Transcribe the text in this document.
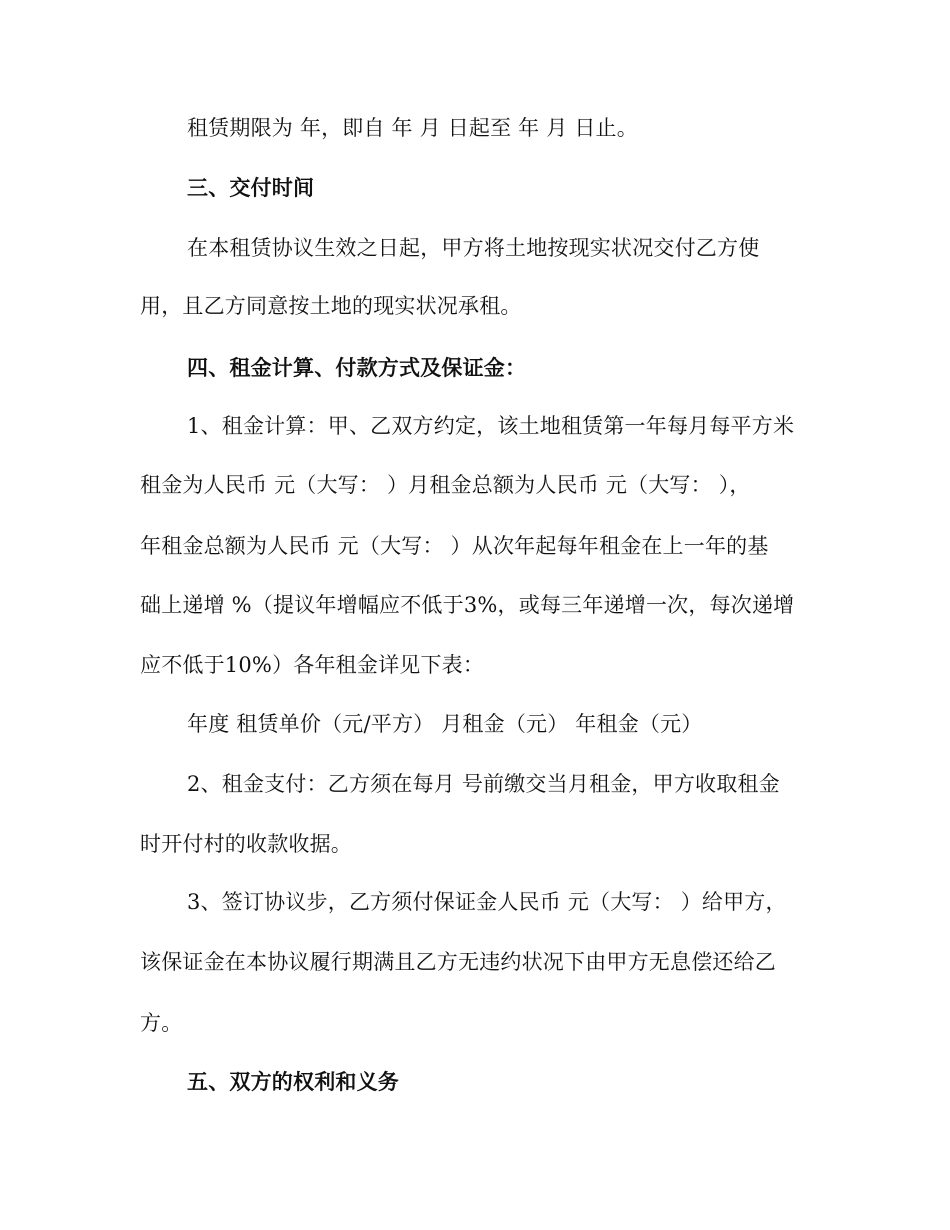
租赁期限为 年，即自 年 月 日起至 年 月 日止。
三、交付时间
在本租赁协议生效之日起，甲方将土地按现实状况交付乙方使
用，且乙方同意按土地的现实状况承租。
四、租金计算、付款方式及保证金：
1、租金计算：甲、乙双方约定，该土地租赁第一年每月每平方米
租金为人民币 元（大写： ）月租金总额为人民币 元（大写： ），
年租金总额为人民币 元（大写： ）从次年起每年租金在上一年的基
础上递增 %（提议年增幅应不低于3%，或每三年递增一次，每次递增
应不低于10%）各年租金详见下表：
年度 租赁单价（元/平方） 月租金（元） 年租金（元）
2、租金支付：乙方须在每月 号前缴交当月租金，甲方收取租金
时开付村的收款收据。
3、签订协议步，乙方须付保证金人民币 元（大写： ）给甲方，
该保证金在本协议履行期满且乙方无违约状况下由甲方无息偿还给乙
方。
五、双方的权利和义务
